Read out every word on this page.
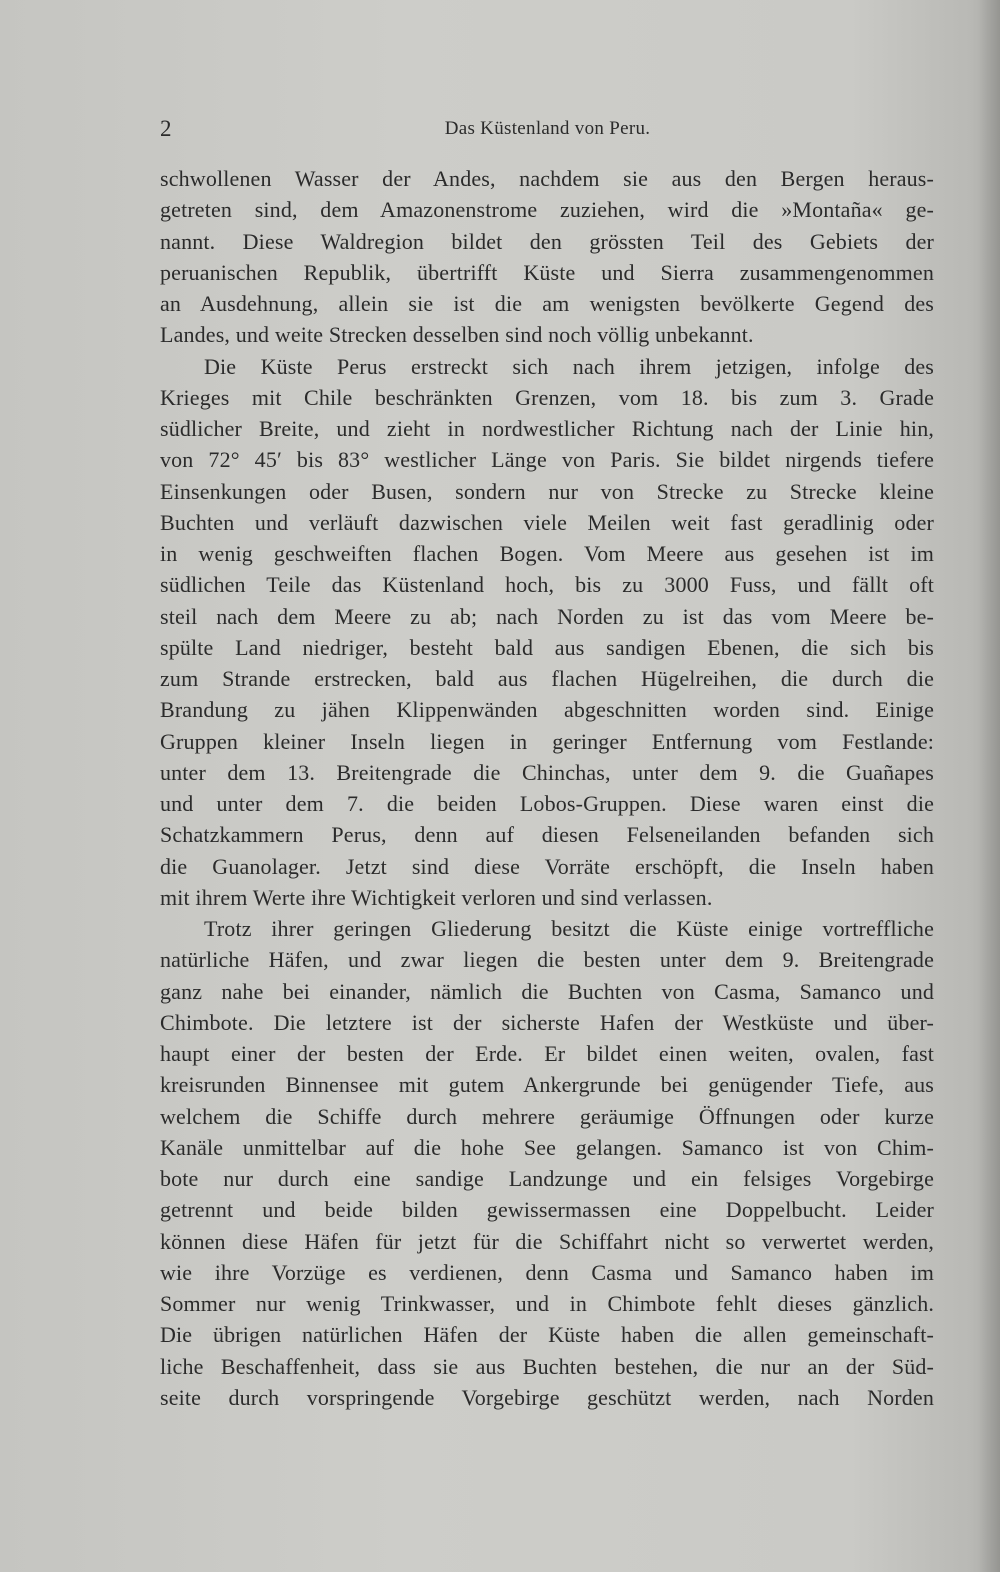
2	Das Küstenland von Peru.
schwollenen Wasser der Andes, nachdem sie aus den Bergen heraus-
getreten sind, dem Amazonenstrome zuziehen, wird die »Montaña« ge-
nannt. Diese Waldregion bildet den grössten Teil des Gebiets der
peruanischen Republik, übertrifft Küste und Sierra zusammengenommen
an Ausdehnung, allein sie ist die am wenigsten bevölkerte Gegend des
Landes, und weite Strecken desselben sind noch völlig unbekannt.
Die Küste Perus erstreckt sich nach ihrem jetzigen, infolge des
Krieges mit Chile beschränkten Grenzen, vom 18. bis zum 3. Grade
südlicher Breite, und zieht in nordwestlicher Richtung nach der Linie hin,
von 72° 45′ bis 83° westlicher Länge von Paris. Sie bildet nirgends tiefere
Einsenkungen oder Busen, sondern nur von Strecke zu Strecke kleine
Buchten und verläuft dazwischen viele Meilen weit fast geradlinig oder
in wenig geschweiften flachen Bogen. Vom Meere aus gesehen ist im
südlichen Teile das Küstenland hoch, bis zu 3000 Fuss, und fällt oft
steil nach dem Meere zu ab; nach Norden zu ist das vom Meere be-
spülte Land niedriger, besteht bald aus sandigen Ebenen, die sich bis
zum Strande erstrecken, bald aus flachen Hügelreihen, die durch die
Brandung zu jähen Klippenwänden abgeschnitten worden sind. Einige
Gruppen kleiner Inseln liegen in geringer Entfernung vom Festlande:
unter dem 13. Breitengrade die Chinchas, unter dem 9. die Guañapes
und unter dem 7. die beiden Lobos-Gruppen. Diese waren einst die
Schatzkammern Perus, denn auf diesen Felseneilanden befanden sich
die Guanolager. Jetzt sind diese Vorräte erschöpft, die Inseln haben
mit ihrem Werte ihre Wichtigkeit verloren und sind verlassen.
Trotz ihrer geringen Gliederung besitzt die Küste einige vortreffliche
natürliche Häfen, und zwar liegen die besten unter dem 9. Breitengrade
ganz nahe bei einander, nämlich die Buchten von Casma, Samanco und
Chimbote. Die letztere ist der sicherste Hafen der Westküste und über-
haupt einer der besten der Erde. Er bildet einen weiten, ovalen, fast
kreisrunden Binnensee mit gutem Ankergrunde bei genügender Tiefe, aus
welchem die Schiffe durch mehrere geräumige Öffnungen oder kurze
Kanäle unmittelbar auf die hohe See gelangen. Samanco ist von Chim-
bote nur durch eine sandige Landzunge und ein felsiges Vorgebirge
getrennt und beide bilden gewissermassen eine Doppelbucht. Leider
können diese Häfen für jetzt für die Schiffahrt nicht so verwertet werden,
wie ihre Vorzüge es verdienen, denn Casma und Samanco haben im
Sommer nur wenig Trinkwasser, und in Chimbote fehlt dieses gänzlich.
Die übrigen natürlichen Häfen der Küste haben die allen gemeinschaft-
liche Beschaffenheit, dass sie aus Buchten bestehen, die nur an der Süd-
seite durch vorspringende Vorgebirge geschützt werden, nach Norden
